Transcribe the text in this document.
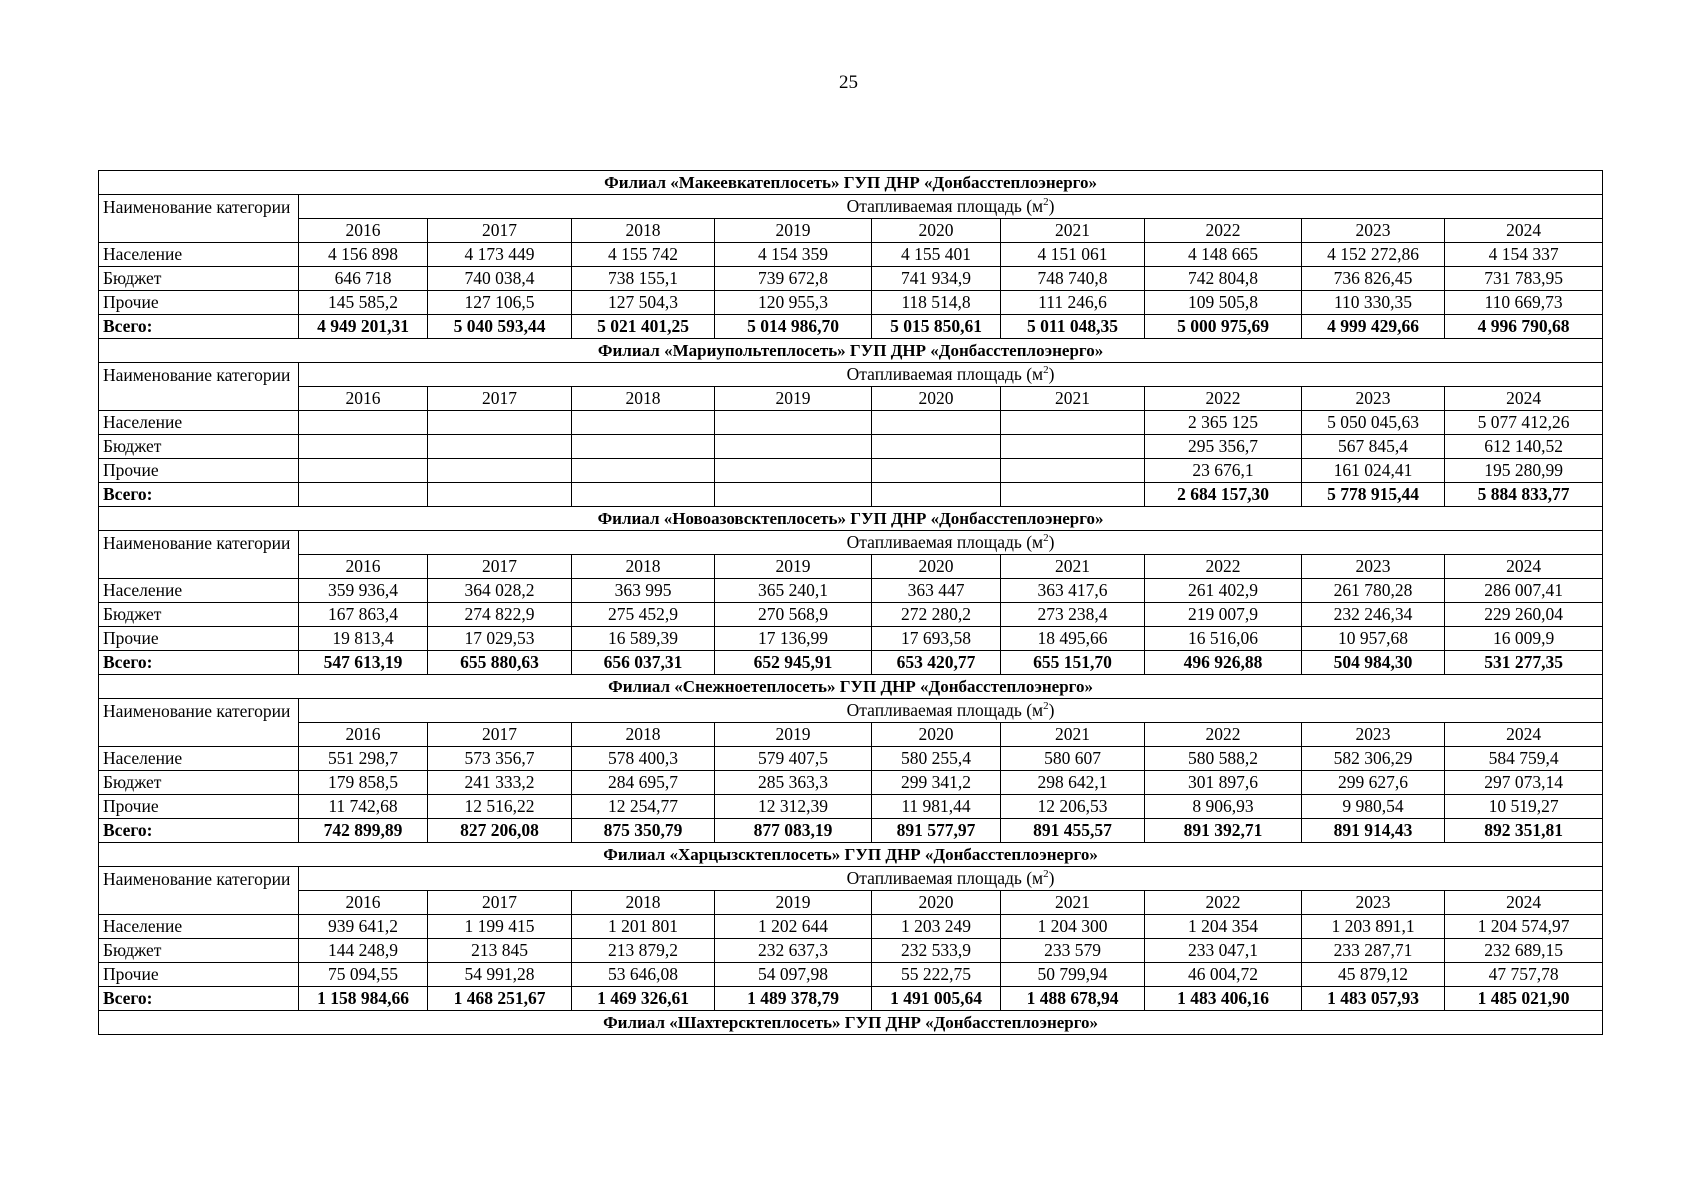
25
Филиал «Макеевкатеплосеть» ГУП ДНР «Донбасстеплоэнерго»									
Наименование категории	Отапливаемая площадь $(м^2)$								
	2016	2017	2018	2019	2020	2021	2022	2023	2024
Население	4 156 898	4 173 449	4 155 742	4 154 359	4 155 401	4 151 061	4 148 665	4 152 272,86	4 154 337
Бюджет	646 718	740 038,4	738 155,1	739 672,8	741 934,9	748 740,8	742 804,8	736 826,45	731 783,95
Прочие	145 585,2	127 106,5	127 504,3	120 955,3	118 514,8	111 246,6	109 505,8	110 330,35	110 669,73
Всего:	4 949 201,31	5 040 593,44	5 021 401,25	5 014 986,70	5 015 850,61	5 011 048,35	5 000 975,69	4 999 429,66	4 996 790,68
Филиал «Мариупольтеплосеть» ГУП ДНР «Донбасстеплоэнерго»									
Наименование категории	Отапливаемая площадь $(м^2)$								
	2016	2017	2018	2019	2020	2021	2022	2023	2024
Население							2 365 125	5 050 045,63	5 077 412,26
Бюджет							295 356,7	567 845,4	612 140,52
Прочие							23 676,1	161 024,41	195 280,99
Всего:							2 684 157,30	5 778 915,44	5 884 833,77
Филиал «Новоазовсктеплосеть» ГУП ДНР «Донбасстеплоэнерго»									
Наименование категории	Отапливаемая площадь $(м^2)$								
	2016	2017	2018	2019	2020	2021	2022	2023	2024
Население	359 936,4	364 028,2	363 995	365 240,1	363 447	363 417,6	261 402,9	261 780,28	286 007,41
Бюджет	167 863,4	274 822,9	275 452,9	270 568,9	272 280,2	273 238,4	219 007,9	232 246,34	229 260,04
Прочие	19 813,4	17 029,53	16 589,39	17 136,99	17 693,58	18 495,66	16 516,06	10 957,68	16 009,9
Всего:	547 613,19	655 880,63	656 037,31	652 945,91	653 420,77	655 151,70	496 926,88	504 984,30	531 277,35
Филиал «Снежноетеплосеть» ГУП ДНР «Донбасстеплоэнерго»									
Наименование категории	Отапливаемая площадь $(м^2)$								
	2016	2017	2018	2019	2020	2021	2022	2023	2024
Население	551 298,7	573 356,7	578 400,3	579 407,5	580 255,4	580 607	580 588,2	582 306,29	584 759,4
Бюджет	179 858,5	241 333,2	284 695,7	285 363,3	299 341,2	298 642,1	301 897,6	299 627,6	297 073,14
Прочие	11 742,68	12 516,22	12 254,77	12 312,39	11 981,44	12 206,53	8 906,93	9 980,54	10 519,27
Всего:	742 899,89	827 206,08	875 350,79	877 083,19	891 577,97	891 455,57	891 392,71	891 914,43	892 351,81
Филиал «Харцызсктеплосеть» ГУП ДНР «Донбасстеплоэнерго»									
Наименование категории	Отапливаемая площадь $(м^2)$								
	2016	2017	2018	2019	2020	2021	2022	2023	2024
Население	939 641,2	1 199 415	1 201 801	1 202 644	1 203 249	1 204 300	1 204 354	1 203 891,1	1 204 574,97
Бюджет	144 248,9	213 845	213 879,2	232 637,3	232 533,9	233 579	233 047,1	233 287,71	232 689,15
Прочие	75 094,55	54 991,28	53 646,08	54 097,98	55 222,75	50 799,94	46 004,72	45 879,12	47 757,78
Всего:	1 158 984,66	1 468 251,67	1 469 326,61	1 489 378,79	1 491 005,64	1 488 678,94	1 483 406,16	1 483 057,93	1 485 021,90
Филиал «Шахтерсктеплосеть» ГУП ДНР «Донбасстеплоэнерго»									
